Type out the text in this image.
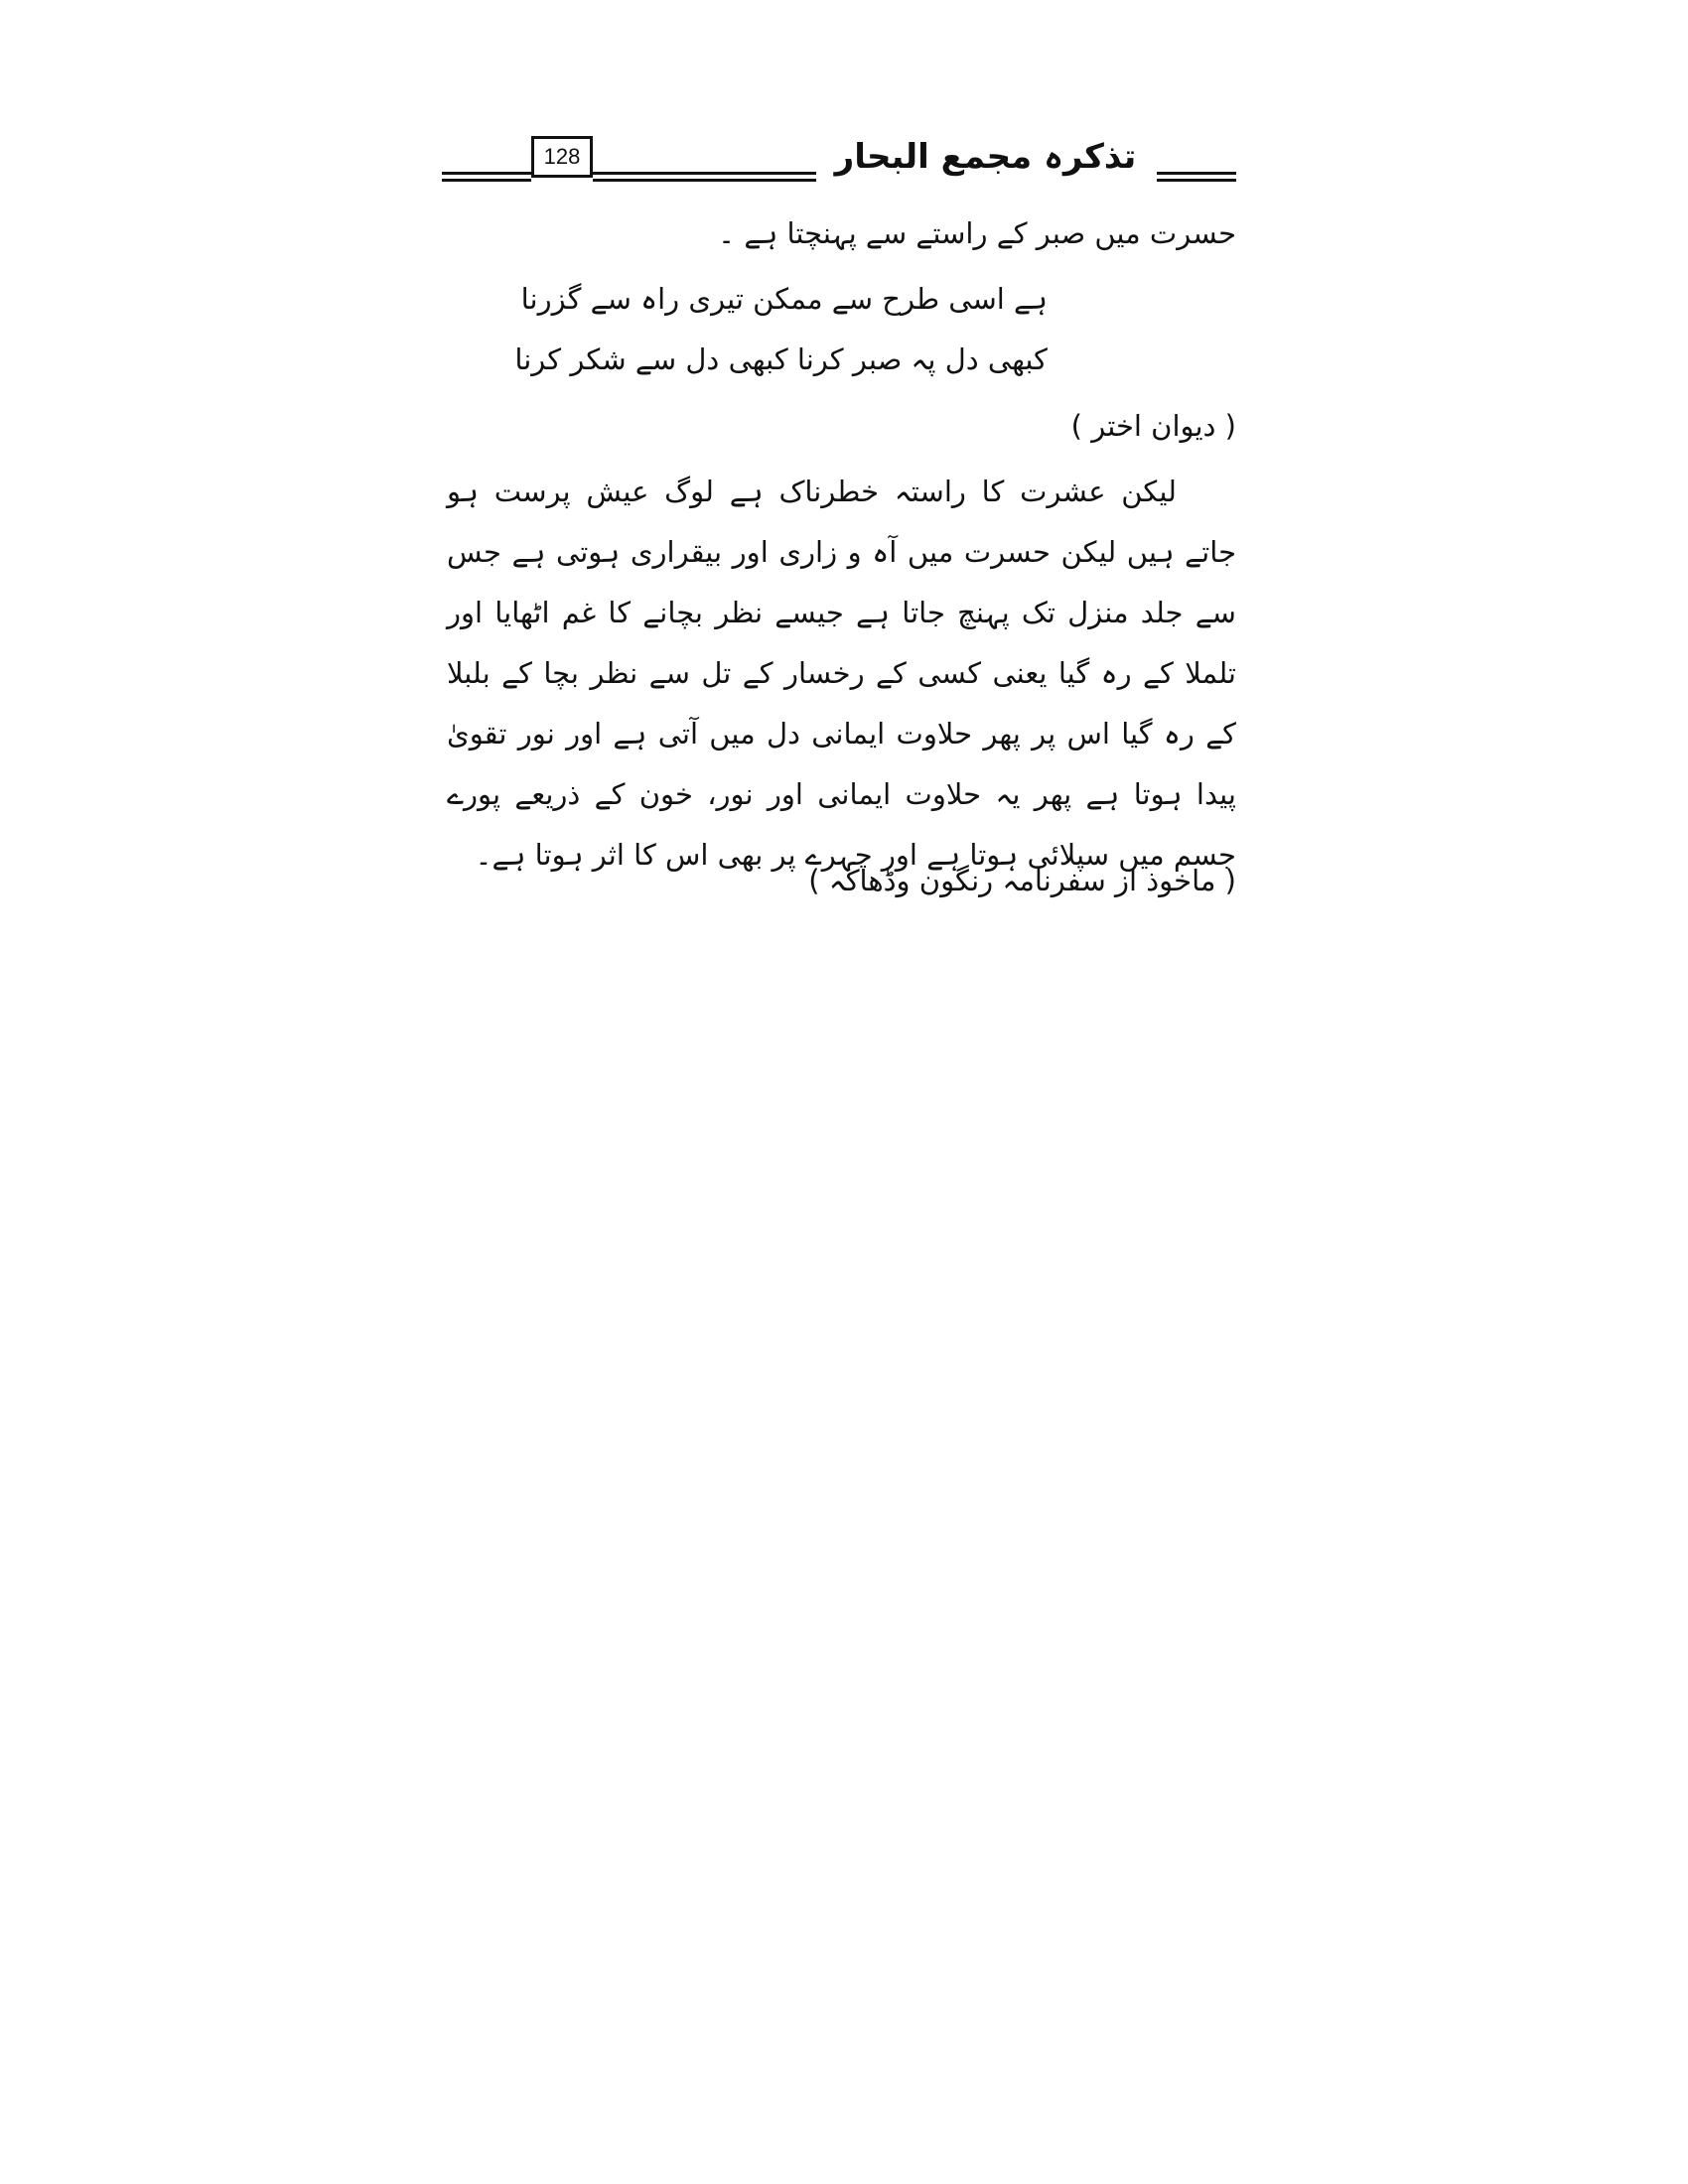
128	تذکرہ مجمع البحار
حسرت میں صبر کے راستے سے پہنچتا ہے ۔
ہے اسی طرح سے ممکن تیری راہ سے گزرنا
کبھی دل پہ صبر کرنا کبھی دل سے شکر کرنا
( دیوان اختر )

لیکن عشرت کا راستہ خطرناک ہے لوگ عیش پرست ہو جاتے ہیں لیکن حسرت میں آہ و زاری اور بیقراری ہوتی ہے جس سے جلد منزل تک پہنچ جاتا ہے جیسے نظر بچانے کا غم اٹھایا اور تلملا کے رہ گیا یعنی کسی کے رخسار کے تل سے نظر بچا کے بلبلا کے رہ گیا اس پر پھر حلاوت ایمانی دل میں آتی ہے اور نور تقویٰ پیدا ہوتا ہے پھر یہ حلاوت ایمانی اور نور، خون کے ذریعے پورے جسم میں سپلائی ہوتا ہے اور چہرے پر بھی اس کا اثر ہوتا ہے۔

( ماخوذ از سفرنامہ رنگون وڈھاکہ )
